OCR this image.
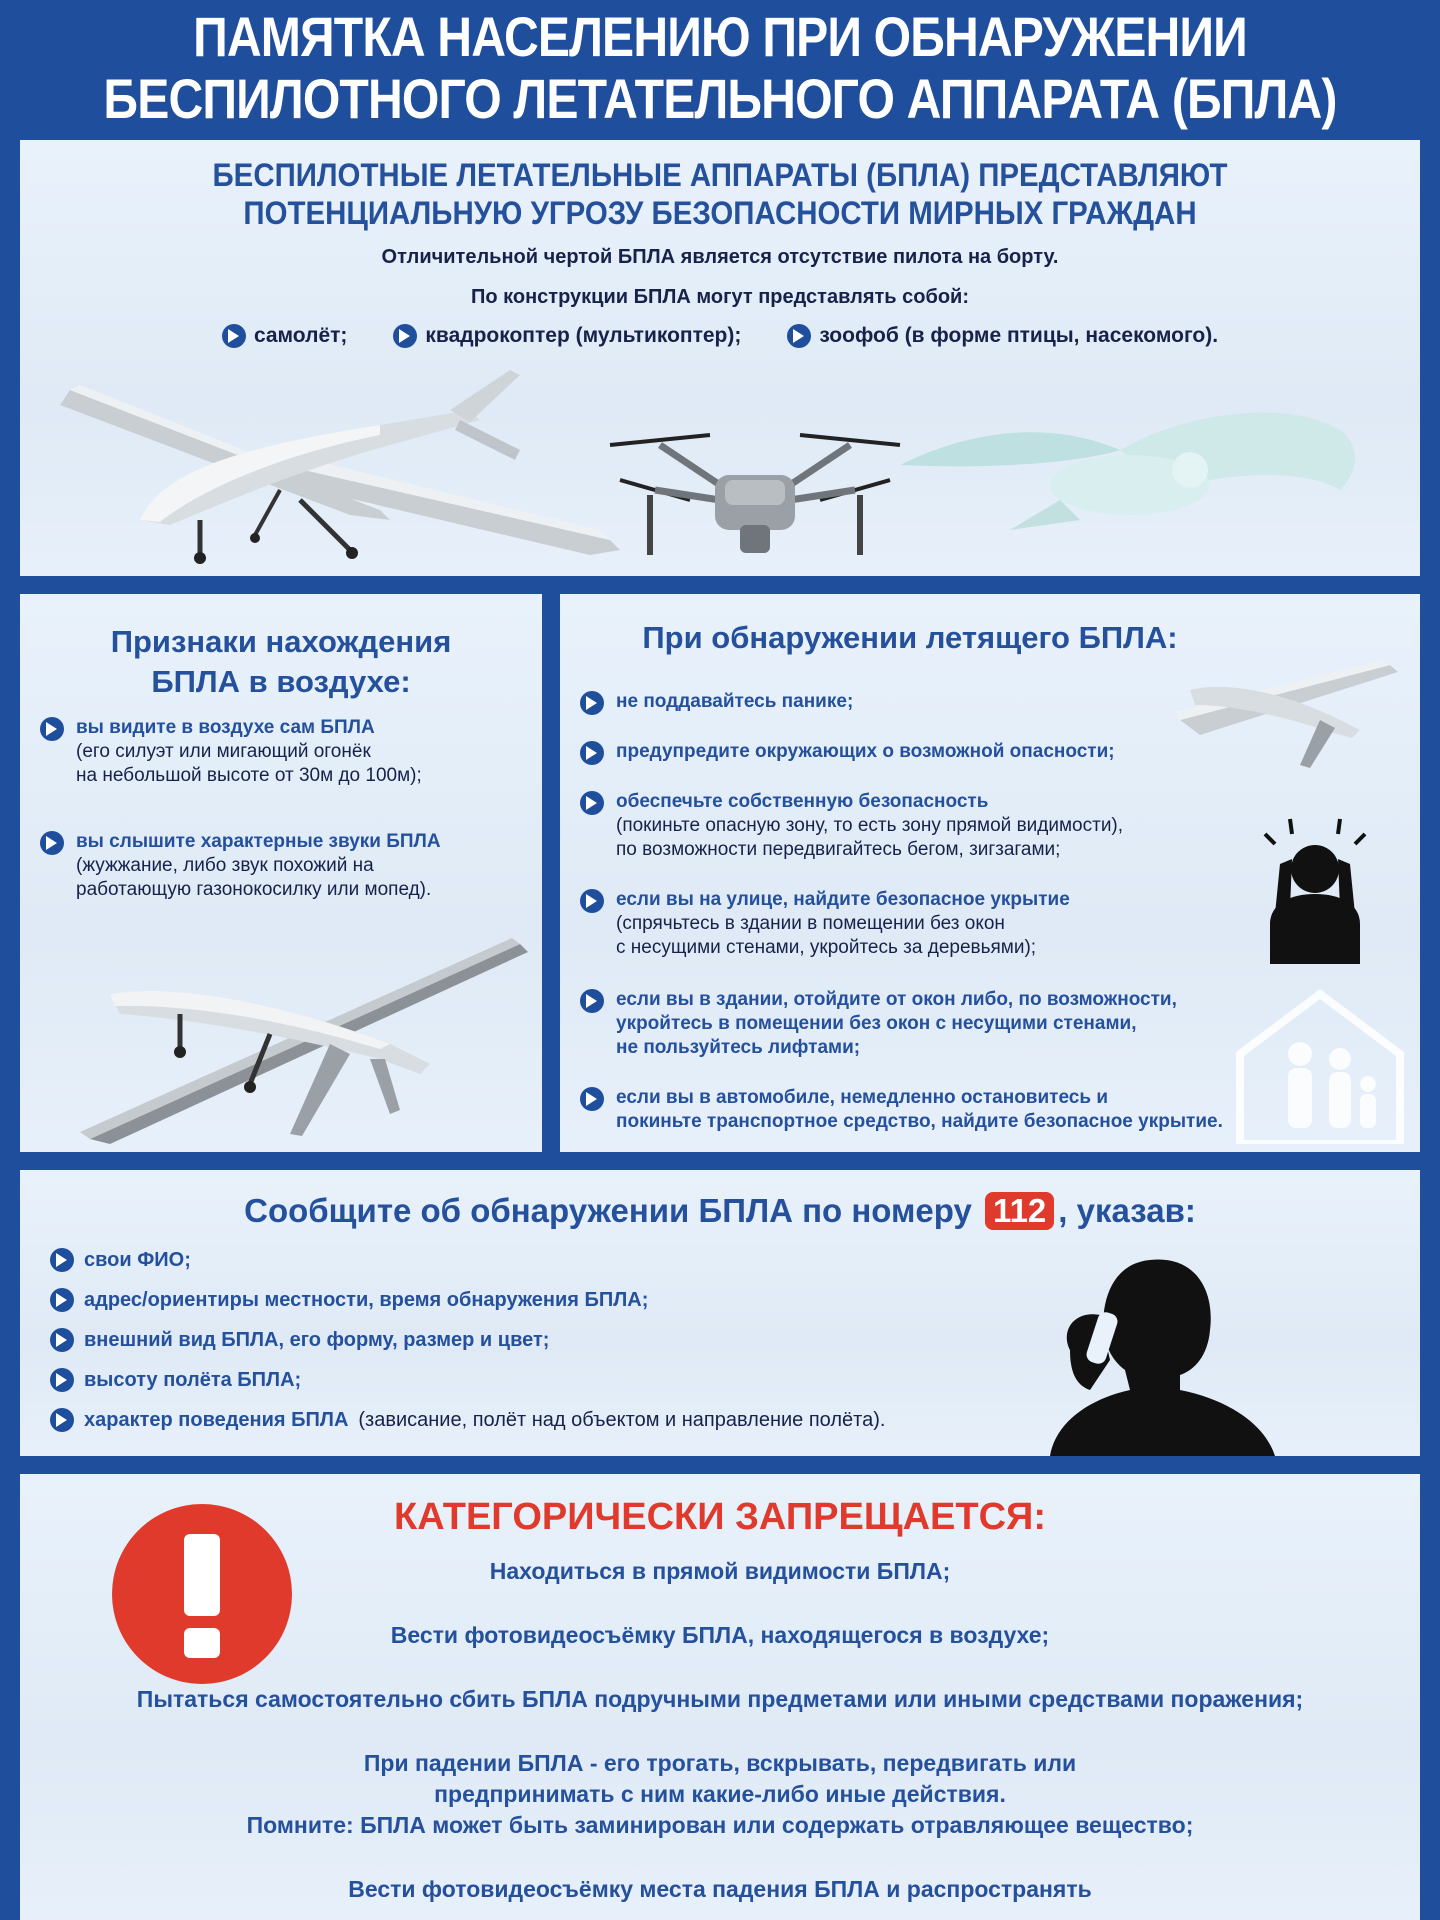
ПАМЯТКА НАСЕЛЕНИЮ ПРИ ОБНАРУЖЕНИИ
БЕСПИЛОТНОГО ЛЕТАТЕЛЬНОГО АППАРАТА (БПЛА)
БЕСПИЛОТНЫЕ ЛЕТАТЕЛЬНЫЕ АППАРАТЫ (БПЛА) ПРЕДСТАВЛЯЮТ
ПОТЕНЦИАЛЬНУЮ УГРОЗУ БЕЗОПАСНОСТИ МИРНЫХ ГРАЖДАН
Отличительной чертой БПЛА является отсутствие пилота на борту.
По конструкции БПЛА могут представлять собой:
самолёт;	квадрокоптер (мультикоптер);	зоофоб (в форме птицы, насекомого).
Признаки нахождения
БПЛА в воздухе:
вы видите в воздухе сам БПЛА
(его силуэт или мигающий огонёк
на небольшой высоте от 30м до 100м);
вы слышите характерные звуки БПЛА
(жужжание, либо звук похожий на
работающую газонокосилку или мопед).
При обнаружении летящего БПЛА:
не поддавайтесь панике;
предупредите окружающих о возможной опасности;
обеспечьте собственную безопасность
(покиньте опасную зону, то есть зону прямой видимости),
по возможности передвигайтесь бегом, зигзагами;
если вы на улице, найдите безопасное укрытие
(спрячьтесь в здании в помещении без окон
с несущими стенами, укройтесь за деревьями);
если вы в здании, отойдите от окон либо, по возможности,
укройтесь в помещении без окон с несущими стенами,
не пользуйтесь лифтами;
если вы в автомобиле, немедленно остановитесь и
покиньте транспортное средство, найдите безопасное укрытие.
Сообщите об обнаружении БПЛА по номеру 112 , указав:
свои ФИО;
адрес/ориентиры местности, время обнаружения БПЛА;
внешний вид БПЛА, его форму, размер и цвет;
высоту полёта БПЛА;
характер поведения БПЛА (зависание, полёт над объектом и направление полёта).
КАТЕГОРИЧЕСКИ ЗАПРЕЩАЕТСЯ:
Находиться в прямой видимости БПЛА;
Вести фотовидеосъёмку БПЛА, находящегося в воздухе;
Пытаться самостоятельно сбить БПЛА подручными предметами или иными средствами поражения;
При падении БПЛА - его трогать, вскрывать, передвигать или
предпринимать с ним какие-либо иные действия.
Помните: БПЛА может быть заминирован или содержать отравляющее вещество;
Вести фотовидеосъёмку места падения БПЛА и распространять
